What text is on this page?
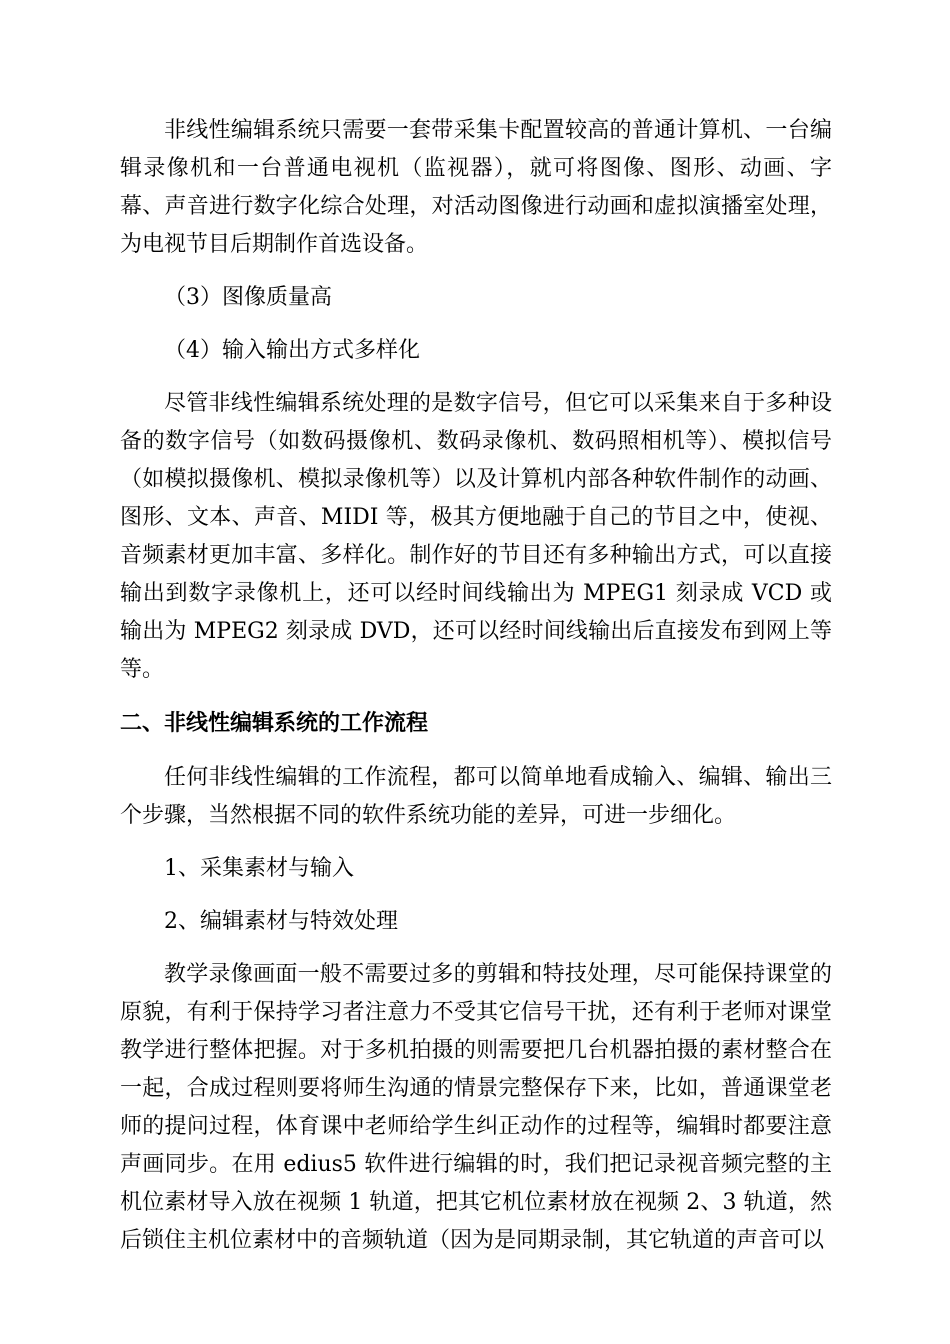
非线性编辑系统只需要一套带采集卡配置较高的普通计算机、一台编辑录像机和一台普通电视机（监视器），就可将图像、图形、动画、字幕、声音进行数字化综合处理，对活动图像进行动画和虚拟演播室处理，为电视节目后期制作首选设备。

（3）图像质量高

（4）输入输出方式多样化

尽管非线性编辑系统处理的是数字信号，但它可以采集来自于多种设备的数字信号（如数码摄像机、数码录像机、数码照相机等）、模拟信号（如模拟摄像机、模拟录像机等）以及计算机内部各种软件制作的动画、图形、文本、声音、MIDI 等，极其方便地融于自己的节目之中，使视、音频素材更加丰富、多样化。制作好的节目还有多种输出方式，可以直接输出到数字录像机上，还可以经时间线输出为 MPEG1 刻录成 VCD 或输出为 MPEG2 刻录成 DVD，还可以经时间线输出后直接发布到网上等等。

二、非线性编辑系统的工作流程

任何非线性编辑的工作流程，都可以简单地看成输入、编辑、输出三个步骤，当然根据不同的软件系统功能的差异，可进一步细化。

1、采集素材与输入

2、编辑素材与特效处理

教学录像画面一般不需要过多的剪辑和特技处理，尽可能保持课堂的原貌，有利于保持学习者注意力不受其它信号干扰，还有利于老师对课堂教学进行整体把握。对于多机拍摄的则需要把几台机器拍摄的素材整合在一起，合成过程则要将师生沟通的情景完整保存下来，比如，普通课堂老师的提问过程，体育课中老师给学生纠正动作的过程等，编辑时都要注意声画同步。在用 edius5 软件进行编辑的时，我们把记录视音频完整的主机位素材导入放在视频 1 轨道，把其它机位素材放在视频 2、3 轨道，然后锁住主机位素材中的音频轨道（因为是同期录制，其它轨道的声音可以
